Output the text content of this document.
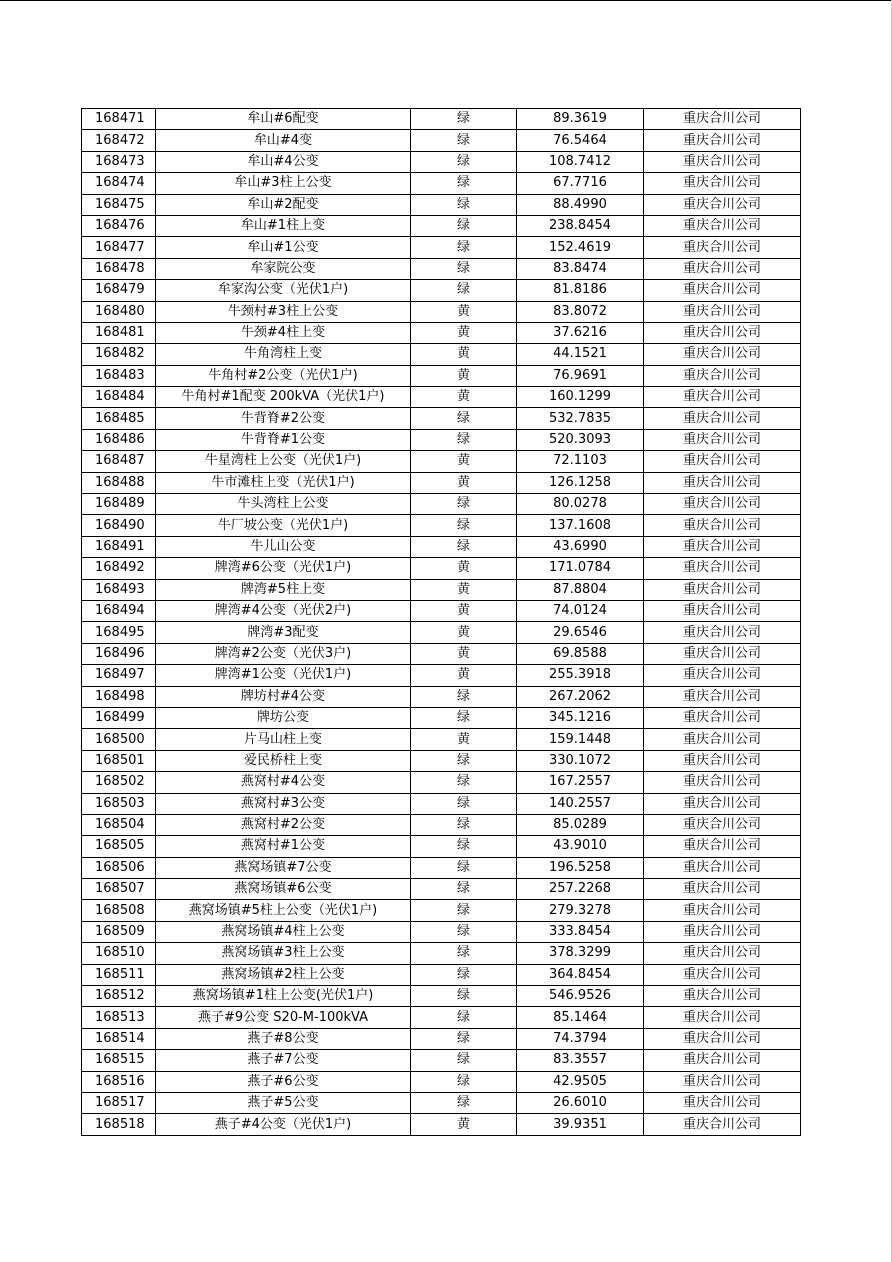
168471	牟山#6配变	绿	89.3619	重庆合川公司
168472	牟山#4变	绿	76.5464	重庆合川公司
168473	牟山#4公变	绿	108.7412	重庆合川公司
168474	牟山#3柱上公变	绿	67.7716	重庆合川公司
168475	牟山#2配变	绿	88.4990	重庆合川公司
168476	牟山#1柱上变	绿	238.8454	重庆合川公司
168477	牟山#1公变	绿	152.4619	重庆合川公司
168478	牟家院公变	绿	83.8474	重庆合川公司
168479	牟家沟公变（光伏1户)	绿	81.8186	重庆合川公司
168480	牛颈村#3柱上公变	黄	83.8072	重庆合川公司
168481	牛颈#4柱上变	黄	37.6216	重庆合川公司
168482	牛角湾柱上变	黄	44.1521	重庆合川公司
168483	牛角村#2公变（光伏1户)	黄	76.9691	重庆合川公司
168484	牛角村#1配变 200kVA（光伏1户)	黄	160.1299	重庆合川公司
168485	牛背脊#2公变	绿	532.7835	重庆合川公司
168486	牛背脊#1公变	绿	520.3093	重庆合川公司
168487	牛星湾柱上公变（光伏1户)	黄	72.1103	重庆合川公司
168488	牛市滩柱上变（光伏1户)	黄	126.1258	重庆合川公司
168489	牛头湾柱上公变	绿	80.0278	重庆合川公司
168490	牛厂坡公变（光伏1户)	绿	137.1608	重庆合川公司
168491	牛儿山公变	绿	43.6990	重庆合川公司
168492	牌湾#6公变（光伏1户)	黄	171.0784	重庆合川公司
168493	牌湾#5柱上变	黄	87.8804	重庆合川公司
168494	牌湾#4公变（光伏2户)	黄	74.0124	重庆合川公司
168495	牌湾#3配变	黄	29.6546	重庆合川公司
168496	牌湾#2公变（光伏3户)	黄	69.8588	重庆合川公司
168497	牌湾#1公变（光伏1户)	黄	255.3918	重庆合川公司
168498	牌坊村#4公变	绿	267.2062	重庆合川公司
168499	牌坊公变	绿	345.1216	重庆合川公司
168500	片马山柱上变	黄	159.1448	重庆合川公司
168501	爱民桥柱上变	绿	330.1072	重庆合川公司
168502	燕窝村#4公变	绿	167.2557	重庆合川公司
168503	燕窝村#3公变	绿	140.2557	重庆合川公司
168504	燕窝村#2公变	绿	85.0289	重庆合川公司
168505	燕窝村#1公变	绿	43.9010	重庆合川公司
168506	燕窝场镇#7公变	绿	196.5258	重庆合川公司
168507	燕窝场镇#6公变	绿	257.2268	重庆合川公司
168508	燕窝场镇#5柱上公变（光伏1户)	绿	279.3278	重庆合川公司
168509	燕窝场镇#4柱上公变	绿	333.8454	重庆合川公司
168510	燕窝场镇#3柱上公变	绿	378.3299	重庆合川公司
168511	燕窝场镇#2柱上公变	绿	364.8454	重庆合川公司
168512	燕窝场镇#1柱上公变(光伏1户)	绿	546.9526	重庆合川公司
168513	燕子#9公变 S20-M-100kVA	绿	85.1464	重庆合川公司
168514	燕子#8公变	绿	74.3794	重庆合川公司
168515	燕子#7公变	绿	83.3557	重庆合川公司
168516	燕子#6公变	绿	42.9505	重庆合川公司
168517	燕子#5公变	绿	26.6010	重庆合川公司
168518	燕子#4公变（光伏1户)	黄	39.9351	重庆合川公司
